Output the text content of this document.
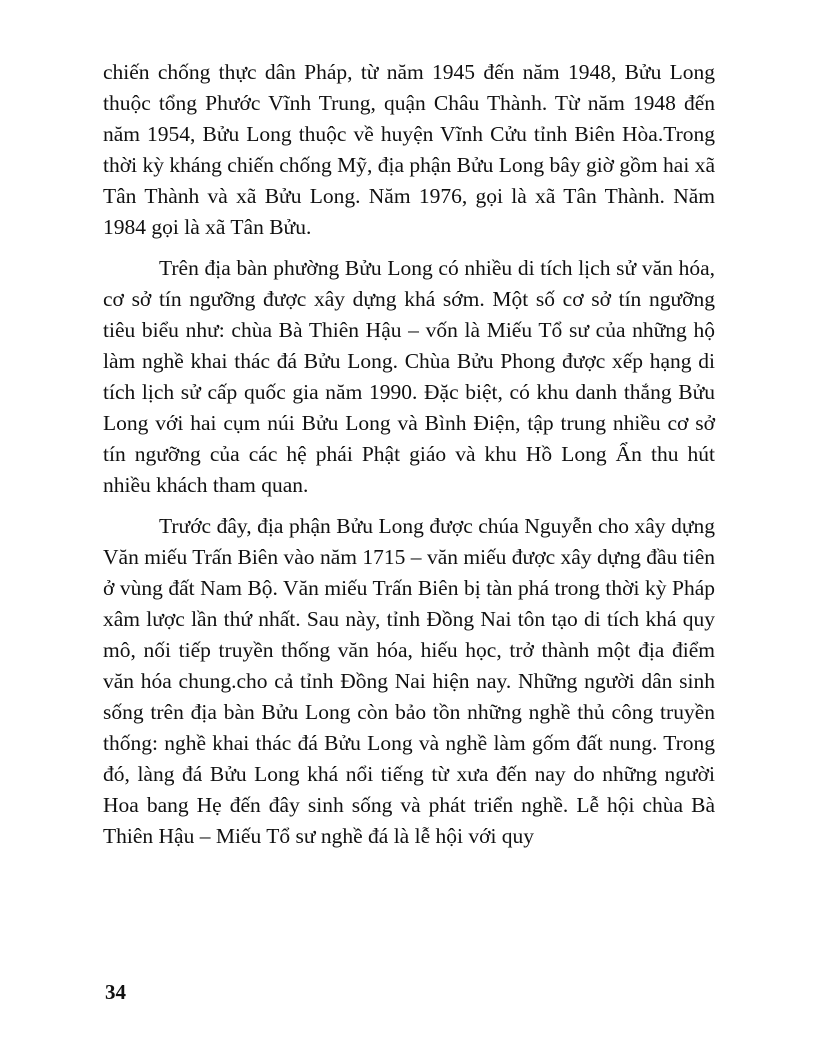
chiến chống thực dân Pháp, từ năm 1945 đến năm 1948, Bửu Long thuộc tổng Phước Vĩnh Trung, quận Châu Thành. Từ năm 1948 đến năm 1954, Bửu Long thuộc về huyện Vĩnh Cửu tỉnh Biên Hòa.Trong thời kỳ kháng chiến chống Mỹ, địa phận Bửu Long bây giờ gồm hai xã Tân Thành và xã Bửu Long. Năm 1976, gọi là xã Tân Thành. Năm 1984 gọi là xã Tân Bửu.

Trên địa bàn phường Bửu Long có nhiều di tích lịch sử văn hóa, cơ sở tín ngưỡng được xây dựng khá sớm. Một số cơ sở tín ngưỡng tiêu biểu như: chùa Bà Thiên Hậu – vốn là Miếu Tổ sư của những hộ làm nghề khai thác đá Bửu Long. Chùa Bửu Phong được xếp hạng di tích lịch sử cấp quốc gia năm 1990. Đặc biệt, có khu danh thắng Bửu Long với hai cụm núi Bửu Long và Bình Điện, tập trung nhiều cơ sở tín ngưỡng của các hệ phái Phật giáo và khu Hồ Long Ẩn thu hút nhiều khách tham quan.

Trước đây, địa phận Bửu Long được chúa Nguyễn cho xây dựng Văn miếu Trấn Biên vào năm 1715 – văn miếu được xây dựng đầu tiên ở vùng đất Nam Bộ. Văn miếu Trấn Biên bị tàn phá trong thời kỳ Pháp xâm lược lần thứ nhất. Sau này, tỉnh Đồng Nai tôn tạo di tích khá quy mô, nối tiếp truyền thống văn hóa, hiếu học, trở thành một địa điểm văn hóa chung.cho cả tỉnh Đồng Nai hiện nay. Những người dân sinh sống trên địa bàn Bửu Long còn bảo tồn những nghề thủ công truyền thống: nghề khai thác đá Bửu Long và nghề làm gốm đất nung. Trong đó, làng đá Bửu Long khá nổi tiếng từ xưa đến nay do những người Hoa bang Hẹ đến đây sinh sống và phát triển nghề. Lễ hội chùa Bà Thiên Hậu – Miếu Tổ sư nghề đá là lễ hội với quy

34
